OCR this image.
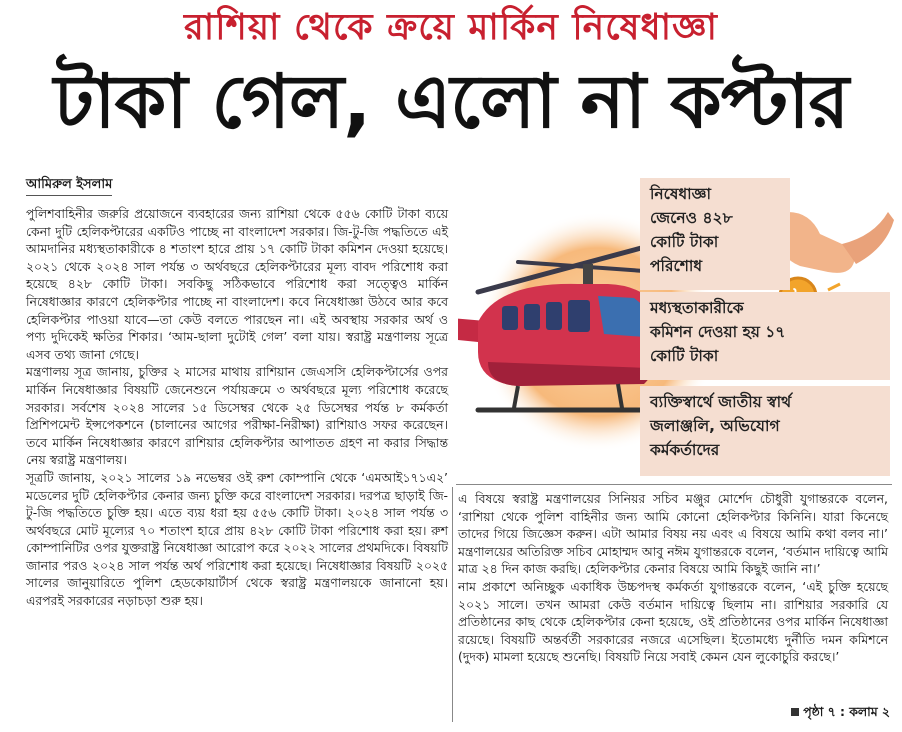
রাশিয়া থেকে ক্রয়ে মার্কিন নিষেধাজ্ঞা
টাকা গেল, এলো না কপ্টার
আমিরুল ইসলাম

পুলিশবাহিনীর জরুরি প্রয়োজনে ব্যবহারের জন্য রাশিয়া থেকে ৫৫৬ কোটি টাকা ব্যয়ে কেনা দুটি হেলিকপ্টারের একটিও পাচ্ছে না বাংলাদেশ সরকার। জি-টু-জি পদ্ধতিতে এই আমদানির মধ্যস্থতাকারীকে ৪ শতাংশ হারে প্রায় ১৭ কোটি টাকা কমিশন দেওয়া হয়েছে। ২০২১ থেকে ২০২৪ সাল পর্যন্ত ৩ অর্থবছরে হেলিকপ্টারের মূল্য বাবদ পরিশোধ করা হয়েছে ৪২৮ কোটি টাকা। সবকিছু সঠিকভাবে পরিশোধ করা সত্ত্বেও মার্কিন নিষেধাজ্ঞার কারণে হেলিকপ্টার পাচ্ছে না বাংলাদেশ। কবে নিষেধাজ্ঞা উঠবে আর কবে হেলিকপ্টার পাওয়া যাবে—তা কেউ বলতে পারছেন না। এই অবস্থায় সরকার অর্থ ও পণ্য দুদিকেই ক্ষতির শিকার। ‘আম-ছালা দুটোই গেল’ বলা যায়। স্বরাষ্ট্র মন্ত্রণালয় সূত্রে এসব তথ্য জানা গেছে।

মন্ত্রণালয় সূত্র জানায়, চুক্তির ২ মাসের মাথায় রাশিয়ান জেএসসি হেলিকপ্টার্সের ওপর মার্কিন নিষেধাজ্ঞার বিষয়টি জেনেশুনে পর্যায়ক্রমে ৩ অর্থবছরে মূল্য পরিশোধ করেছে সরকার। সর্বশেষ ২০২৪ সালের ১৫ ডিসেম্বর থেকে ২৫ ডিসেম্বর পর্যন্ত ৮ কর্মকর্তা প্রিশিপমেন্ট ইন্সপেকশনে (চালানের আগের পরীক্ষা-নিরীক্ষা) রাশিয়াও সফর করেছেন। তবে মার্কিন নিষেধাজ্ঞার কারণে রাশিয়ার হেলিকপ্টার আপাতত গ্রহণ না করার সিদ্ধান্ত নেয় স্বরাষ্ট্র মন্ত্রণালয়।

সূত্রটি জানায়, ২০২১ সালের ১৯ নভেম্বর ওই রুশ কোম্পানি থেকে ‘এমআই১৭১এ২’ মডেলের দুটি হেলিকপ্টার কেনার জন্য চুক্তি করে বাংলাদেশ সরকার। দরপত্র ছাড়াই জি-টু-জি পদ্ধতিতে চুক্তি হয়। এতে ব্যয় ধরা হয় ৫৫৬ কোটি টাকা। ২০২৪ সাল পর্যন্ত ৩ অর্থবছরে মোট মূল্যের ৭০ শতাংশ হারে প্রায় ৪২৮ কোটি টাকা পরিশোধ করা হয়। রুশ কোম্পানিটির ওপর যুক্তরাষ্ট্র নিষেধাজ্ঞা আরোপ করে ২০২২ সালের প্রথমদিকে। বিষয়টি জানার পরও ২০২৪ সাল পর্যন্ত অর্থ পরিশোধ করা হয়েছে। নিষেধাজ্ঞার বিষয়টি ২০২৫ সালের জানুয়ারিতে পুলিশ হেডকোয়ার্টার্স থেকে স্বরাষ্ট্র মন্ত্রণালয়কে জানানো হয়। এরপরই সরকারের নড়াচড়া শুরু হয়।

নিষেধাজ্ঞা
জেনেও ৪২৮
কোটি টাকা
পরিশোধ
মধ্যস্থতাকারীকে
কমিশন দেওয়া হয় ১৭
কোটি টাকা
ব্যক্তিস্বার্থে জাতীয় স্বার্থ
জলাঞ্জলি, অভিযোগ
কর্মকর্তাদের

এ বিষয়ে স্বরাষ্ট্র মন্ত্রণালয়ের সিনিয়র সচিব মঞ্জুর মোর্শেদ চৌধুরী যুগান্তরকে বলেন, ‘রাশিয়া থেকে পুলিশ বাহিনীর জন্য আমি কোনো হেলিকপ্টার কিনিনি। যারা কিনেছে তাদের গিয়ে জিজ্ঞেস করুন। এটা আমার বিষয় নয় এবং এ বিষয়ে আমি কথা বলব না।’ মন্ত্রণালয়ের অতিরিক্ত সচিব মোহাম্মদ আবু নঈম যুগান্তরকে বলেন, ‘বর্তমান দায়িত্বে আমি মাত্র ২৪ দিন কাজ করছি। হেলিকপ্টার কেনার বিষয়ে আমি কিছুই জানি না।’

নাম প্রকাশে অনিচ্ছুক একাধিক উচ্চপদস্থ কর্মকর্তা যুগান্তরকে বলেন, ‘এই চুক্তি হয়েছে ২০২১ সালে। তখন আমরা কেউ বর্তমান দায়িত্বে ছিলাম না। রাশিয়ার সরকারি যে প্রতিষ্ঠানের কাছ থেকে হেলিকপ্টার কেনা হয়েছে, ওই প্রতিষ্ঠানের ওপর মার্কিন নিষেধাজ্ঞা রয়েছে। বিষয়টি অন্তর্বর্তী সরকারের নজরে এসেছিল। ইতোমধ্যে দুর্নীতি দমন কমিশনে (দুদক) মামলা হয়েছে শুনেছি। বিষয়টি নিয়ে সবাই কেমন যেন লুকোচুরি করছে।’

পৃষ্ঠা ৭ : কলাম ২
